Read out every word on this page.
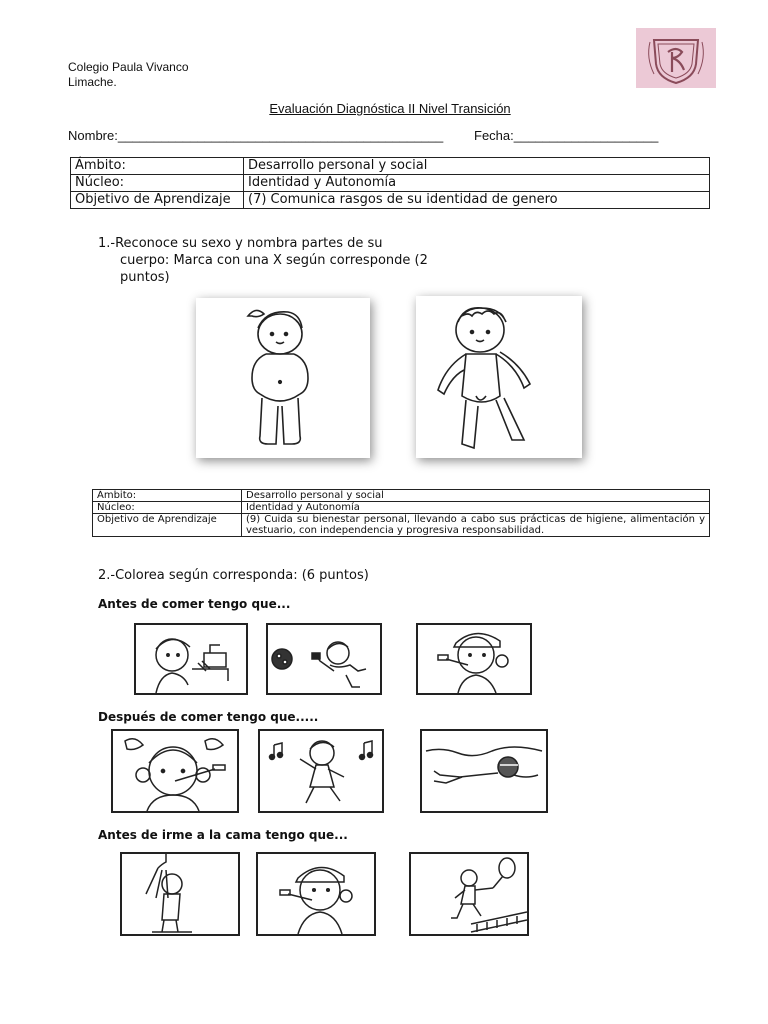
Colegio Paula Vivanco
Limache.
Evaluación Diagnóstica II Nivel Transición
Nombre:_____________________________________________ Fecha:____________________
Ámbito:	Desarrollo personal y social
Núcleo:	Identidad y Autonomía
Objetivo de Aprendizaje	(7) Comunica rasgos de su identidad de genero
1.-Reconoce su sexo y nombra partes de su
cuerpo: Marca con una X según corresponde (2
puntos)
Ámbito:	Desarrollo personal y social
Núcleo:	Identidad y Autonomía
Objetivo de Aprendizaje	(9) Cuida su bienestar personal, llevando a cabo sus prácticas de higiene, alimentación y vestuario, con independencia y progresiva responsabilidad.
2.-Colorea según corresponda: (6 puntos)
Antes de comer tengo que...
Después de comer tengo que.....
Antes de irme a la cama tengo que...
